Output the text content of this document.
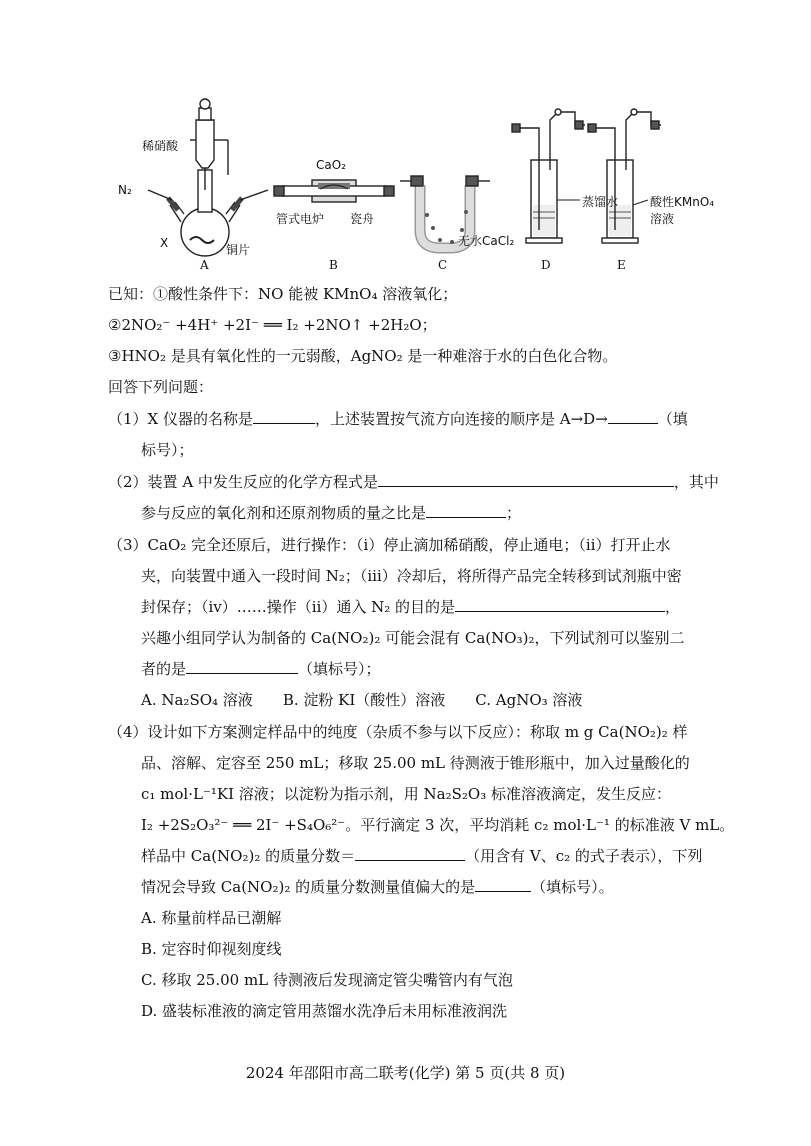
稀硝酸
N₂
X	铜片
CaO₂
管式电炉 瓷舟
无水CaCl₂
蒸馏水	酸性KMnO₄
溶液
A	B	C	D	E
已知：①酸性条件下：NO 能被 KMnO₄ 溶液氧化；
②2NO₂⁻ +4H⁺ +2I⁻ ══ I₂ +2NO↑ +2H₂O；
③HNO₂ 是具有氧化性的一元弱酸，AgNO₂ 是一种难溶于水的白色化合物。
回答下列问题：
（1）X 仪器的名称是	，上述装置按气流方向连接的顺序是 A→D→	（填
标号）；
（2）装置 A 中发生反应的化学方程式是	，其中
参与反应的氧化剂和还原剂物质的量之比是	；
（3）CaO₂ 完全还原后，进行操作：（ⅰ）停止滴加稀硝酸，停止通电；（ⅱ）打开止水
夹，向装置中通入一段时间 N₂；（ⅲ）冷却后，将所得产品完全转移到试剂瓶中密
封保存；（ⅳ）……操作（ⅱ）通入 N₂ 的目的是	，
兴趣小组同学认为制备的 Ca(NO₂)₂ 可能会混有 Ca(NO₃)₂，下列试剂可以鉴别二
者的是	（填标号）；
A. Na₂SO₄ 溶液 B. 淀粉 KI（酸性）溶液 C. AgNO₃ 溶液
（4）设计如下方案测定样品中的纯度（杂质不参与以下反应）：称取 m g Ca(NO₂)₂ 样
品、溶解、定容至 250 mL；移取 25.00 mL 待测液于锥形瓶中，加入过量酸化的
c₁ mol·L⁻¹KI 溶液；以淀粉为指示剂，用 Na₂S₂O₃ 标准溶液滴定，发生反应：
I₂ +2S₂O₃²⁻ ══ 2I⁻ +S₄O₆²⁻。平行滴定 3 次，平均消耗 c₂ mol·L⁻¹ 的标准液 V mL。
样品中 Ca(NO₂)₂ 的质量分数＝	（用含有 V、c₂ 的式子表示），下列
情况会导致 Ca(NO₂)₂ 的质量分数测量值偏大的是	（填标号）。
A. 称量前样品已潮解
B. 定容时仰视刻度线
C. 移取 25.00 mL 待测液后发现滴定管尖嘴管内有气泡
D. 盛装标准液的滴定管用蒸馏水洗净后未用标准液润洗
2024 年邵阳市高二联考(化学) 第 5 页(共 8 页)
